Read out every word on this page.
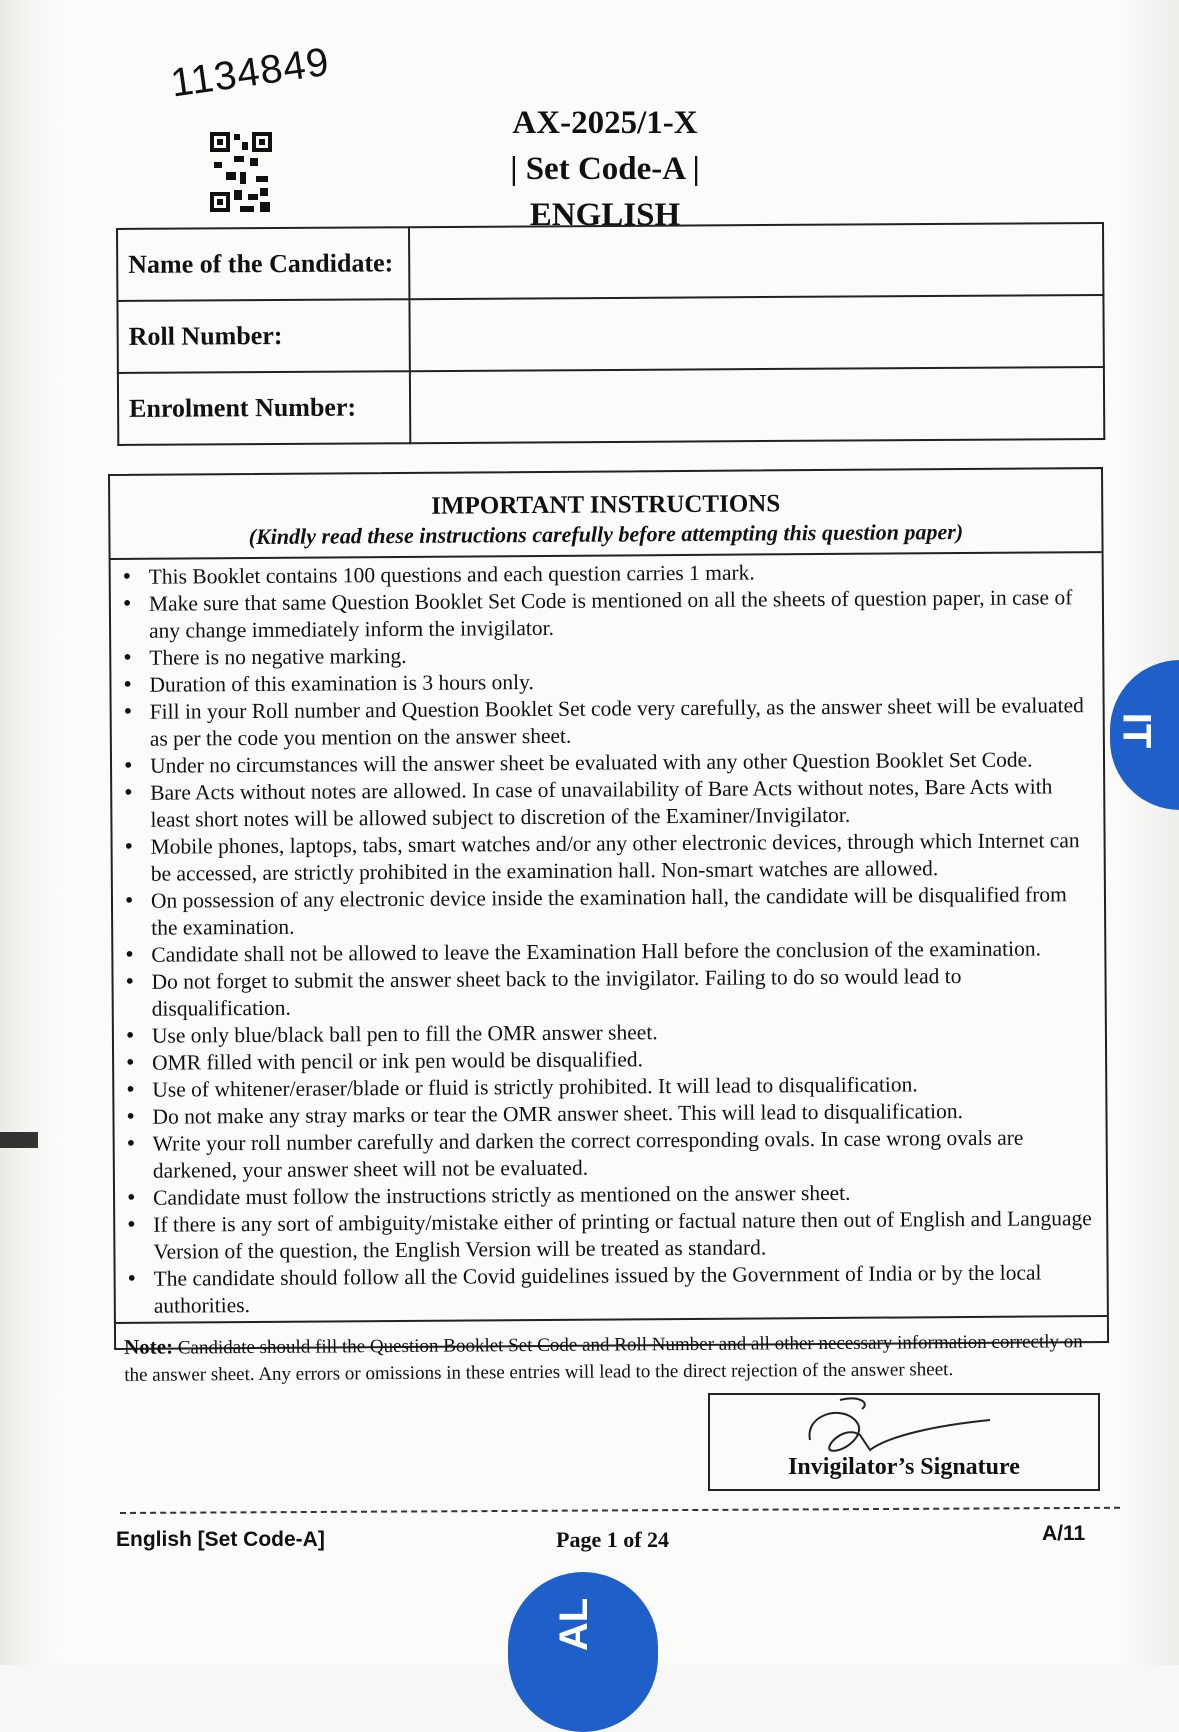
1134849
AX-2025/1-X
| Set Code-A |
ENGLISH
Name of the Candidate:	
Roll Number:	
Enrolment Number:	
IMPORTANT INSTRUCTIONS
(Kindly read these instructions carefully before attempting this question paper)
• This Booklet contains 100 questions and each question carries 1 mark.
• Make sure that same Question Booklet Set Code is mentioned on all the sheets of question paper, in case of any change immediately inform the invigilator.
• There is no negative marking.
• Duration of this examination is 3 hours only.
• Fill in your Roll number and Question Booklet Set code very carefully, as the answer sheet will be evaluated as per the code you mention on the answer sheet.
• Under no circumstances will the answer sheet be evaluated with any other Question Booklet Set Code.
• Bare Acts without notes are allowed. In case of unavailability of Bare Acts without notes, Bare Acts with least short notes will be allowed subject to discretion of the Examiner/Invigilator.
• Mobile phones, laptops, tabs, smart watches and/or any other electronic devices, through which Internet can be accessed, are strictly prohibited in the examination hall. Non-smart watches are allowed.
• On possession of any electronic device inside the examination hall, the candidate will be disqualified from the examination.
• Candidate shall not be allowed to leave the Examination Hall before the conclusion of the examination.
• Do not forget to submit the answer sheet back to the invigilator. Failing to do so would lead to disqualification.
• Use only blue/black ball pen to fill the OMR answer sheet.
• OMR filled with pencil or ink pen would be disqualified.
• Use of whitener/eraser/blade or fluid is strictly prohibited. It will lead to disqualification.
• Do not make any stray marks or tear the OMR answer sheet. This will lead to disqualification.
• Write your roll number carefully and darken the correct corresponding ovals. In case wrong ovals are darkened, your answer sheet will not be evaluated.
• Candidate must follow the instructions strictly as mentioned on the answer sheet.
• If there is any sort of ambiguity/mistake either of printing or factual nature then out of English and Language Version of the question, the English Version will be treated as standard.
• The candidate should follow all the Covid guidelines issued by the Government of India or by the local authorities.
Note: Candidate should fill the Question Booklet Set Code and Roll Number and all other necessary information correctly on the answer sheet. Any errors or omissions in these entries will lead to the direct rejection of the answer sheet.
Invigilator’s Signature
English [Set Code-A]	Page 1 of 24	A/11
IT
AL
